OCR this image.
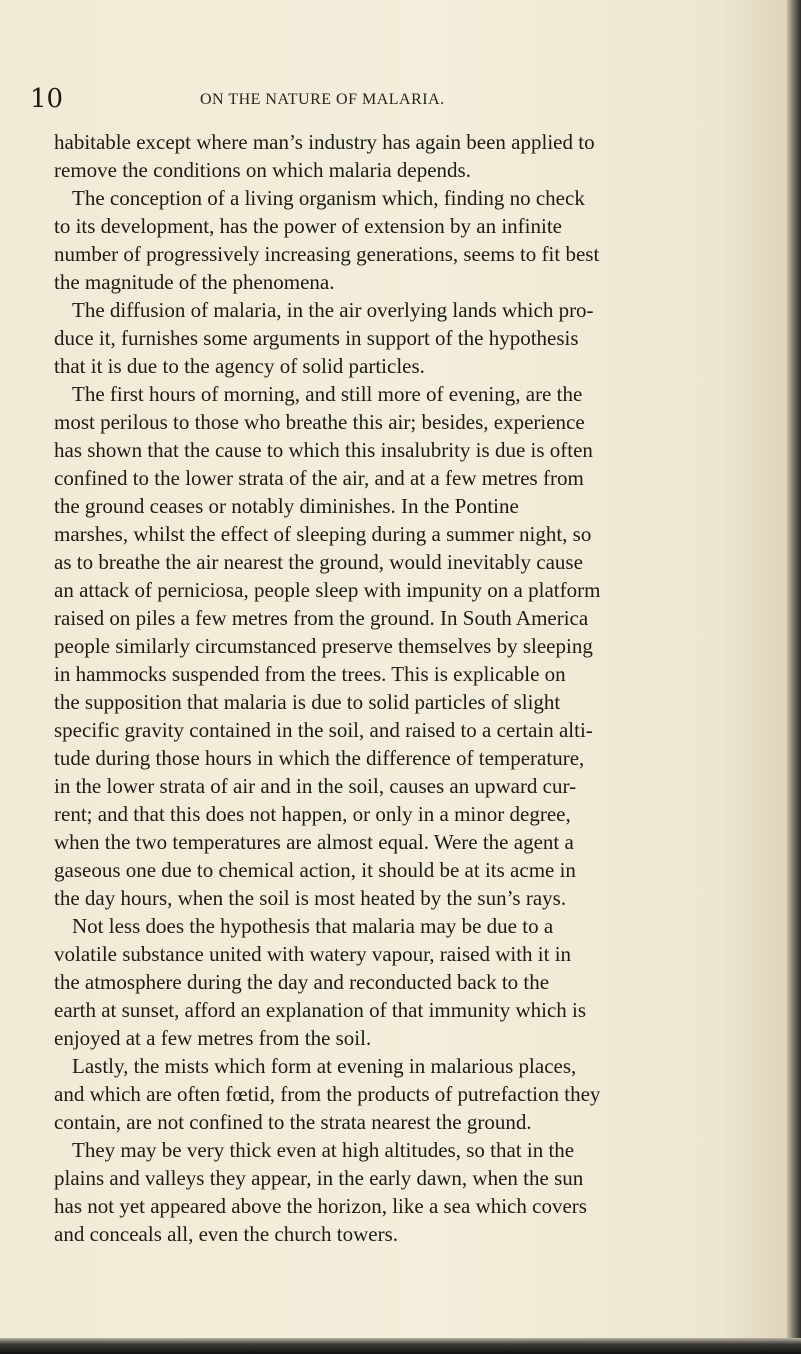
10	ON THE NATURE OF MALARIA.
habitable except where man’s industry has again been applied to
remove the conditions on which malaria depends.
The conception of a living organism which, finding no check
to its development, has the power of extension by an infinite
number of progressively increasing generations, seems to fit best
the magnitude of the phenomena.
The diffusion of malaria, in the air overlying lands which pro-
duce it, furnishes some arguments in support of the hypothesis
that it is due to the agency of solid particles.
The first hours of morning, and still more of evening, are the
most perilous to those who breathe this air; besides, experience
has shown that the cause to which this insalubrity is due is often
confined to the lower strata of the air, and at a few metres from
the ground ceases or notably diminishes. In the Pontine
marshes, whilst the effect of sleeping during a summer night, so
as to breathe the air nearest the ground, would inevitably cause
an attack of perniciosa, people sleep with impunity on a platform
raised on piles a few metres from the ground. In South America
people similarly circumstanced preserve themselves by sleeping
in hammocks suspended from the trees. This is explicable on
the supposition that malaria is due to solid particles of slight
specific gravity contained in the soil, and raised to a certain alti-
tude during those hours in which the difference of temperature,
in the lower strata of air and in the soil, causes an upward cur-
rent; and that this does not happen, or only in a minor degree,
when the two temperatures are almost equal. Were the agent a
gaseous one due to chemical action, it should be at its acme in
the day hours, when the soil is most heated by the sun’s rays.
Not less does the hypothesis that malaria may be due to a
volatile substance united with watery vapour, raised with it in
the atmosphere during the day and reconducted back to the
earth at sunset, afford an explanation of that immunity which is
enjoyed at a few metres from the soil.
Lastly, the mists which form at evening in malarious places,
and which are often fœtid, from the products of putrefaction they
contain, are not confined to the strata nearest the ground.
They may be very thick even at high altitudes, so that in the
plains and valleys they appear, in the early dawn, when the sun
has not yet appeared above the horizon, like a sea which covers
and conceals all, even the church towers.
